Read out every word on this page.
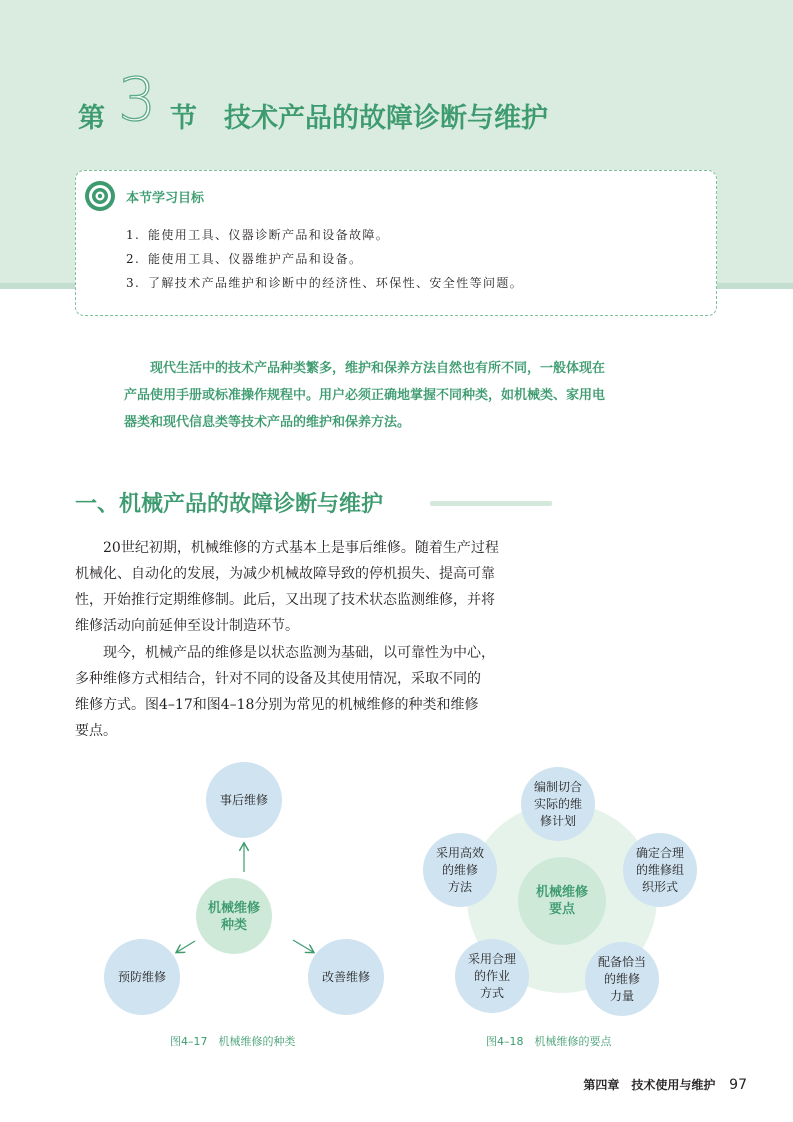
第 3 节 技术产品的故障诊断与维护
本节学习目标
1. 能使用工具、仪器诊断产品和设备故障。
2. 能使用工具、仪器维护产品和设备。
3. 了解技术产品维护和诊断中的经济性、环保性、安全性等问题。
现代生活中的技术产品种类繁多，维护和保养方法自然也有所不同，一般体现在
产品使用手册或标准操作规程中。用户必须正确地掌握不同种类，如机械类、家用电
器类和现代信息类等技术产品的维护和保养方法。
一、机械产品的故障诊断与维护
20世纪初期，机械维修的方式基本上是事后维修。随着生产过程
机械化、自动化的发展，为减少机械故障导致的停机损失、提高可靠
性，开始推行定期维修制。此后，又出现了技术状态监测维修，并将
维修活动向前延伸至设计制造环节。
现今，机械产品的维修是以状态监测为基础，以可靠性为中心，
多种维修方式相结合，针对不同的设备及其使用情况，采取不同的
维修方式。图4–17和图4–18分别为常见的机械维修的种类和维修
要点。
事后维修
机械维修
种类
预防维修	改善维修
图4–17　机械维修的种类
机械维修
要点
编制切合
实际的维
修计划
确定合理
的维修组
织形式
配备恰当
的维修
力量
采用合理
的作业
方式
采用高效
的维修
方法
图4–18　机械维修的要点
第四章　技术使用与维护 97
